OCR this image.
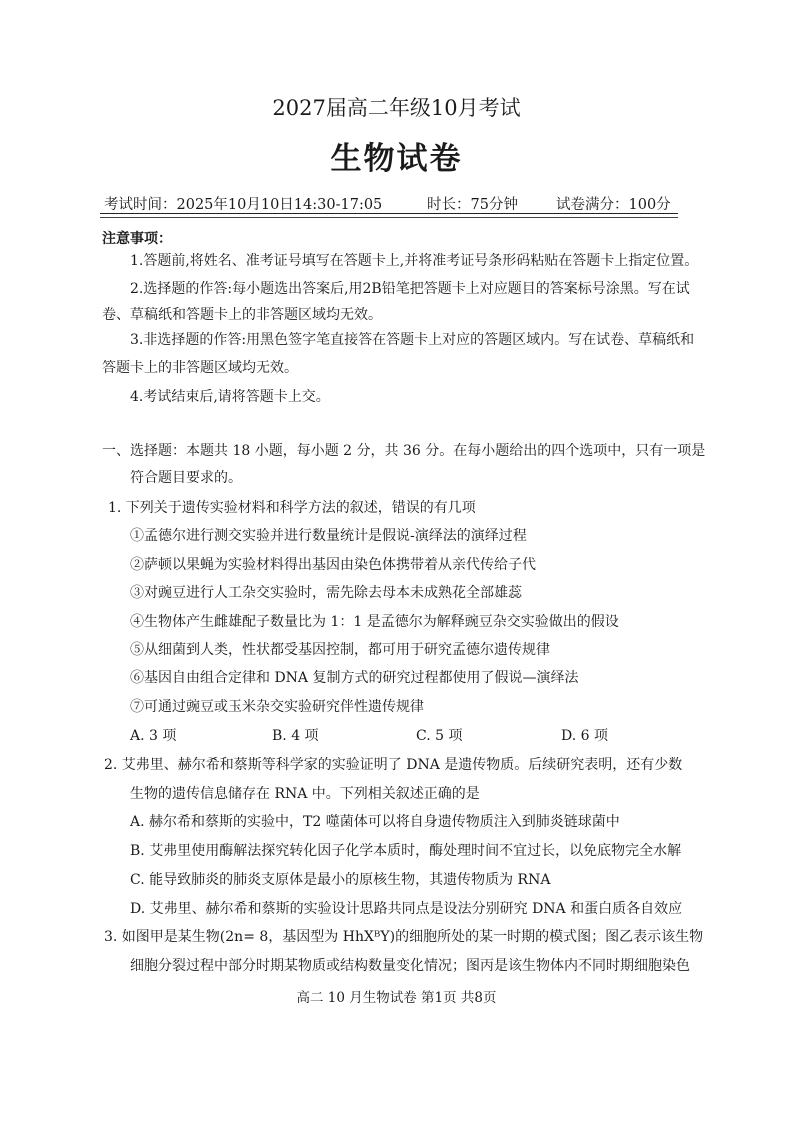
2027届高二年级10月考试
生物试卷
考试时间：2025年10月10日14:30-17:05	时长：75分钟	试卷满分：100分
注意事项：
1.答题前,将姓名、准考证号填写在答题卡上,并将准考证号条形码粘贴在答题卡上指定位置。
2.选择题的作答:每小题选出答案后,用2B铅笔把答题卡上对应题目的答案标号涂黑。写在试
卷、草稿纸和答题卡上的非答题区域均无效。
3.非选择题的作答:用黑色签字笔直接答在答题卡上对应的答题区域内。写在试卷、草稿纸和
答题卡上的非答题区域均无效。
4.考试结束后,请将答题卡上交。
一、选择题：本题共 18 小题，每小题 2 分，共 36 分。在每小题给出的四个选项中，只有一项是
符合题目要求的。
1. 下列关于遗传实验材料和科学方法的叙述，错误的有几项
①孟德尔进行测交实验并进行数量统计是假说-演绎法的演绎过程
②萨顿以果蝇为实验材料得出基因由染色体携带着从亲代传给子代
③对豌豆进行人工杂交实验时，需先除去母本未成熟花全部雄蕊
④生物体产生雌雄配子数量比为 1：1 是孟德尔为解释豌豆杂交实验做出的假设
⑤从细菌到人类，性状都受基因控制，都可用于研究孟德尔遗传规律
⑥基因自由组合定律和 DNA 复制方式的研究过程都使用了假说—演绎法
⑦可通过豌豆或玉米杂交实验研究伴性遗传规律
A. 3 项	B. 4 项	C. 5 项	D. 6 项
2. 艾弗里、赫尔希和蔡斯等科学家的实验证明了 DNA 是遗传物质。后续研究表明，还有少数
生物的遗传信息储存在 RNA 中。下列相关叙述正确的是
A. 赫尔希和蔡斯的实验中，T2 噬菌体可以将自身遗传物质注入到肺炎链球菌中
B. 艾弗里使用酶解法探究转化因子化学本质时，酶处理时间不宜过长，以免底物完全水解
C. 能导致肺炎的肺炎支原体是最小的原核生物，其遗传物质为 RNA
D. 艾弗里、赫尔希和蔡斯的实验设计思路共同点是设法分别研究 DNA 和蛋白质各自效应
3. 如图甲是某生物(2n= 8，基因型为 HhXᴮY)的细胞所处的某一时期的模式图；图乙表示该生物
细胞分裂过程中部分时期某物质或结构数量变化情况；图丙是该生物体内不同时期细胞染色
高二 10 月生物试卷 第1页 共8页
